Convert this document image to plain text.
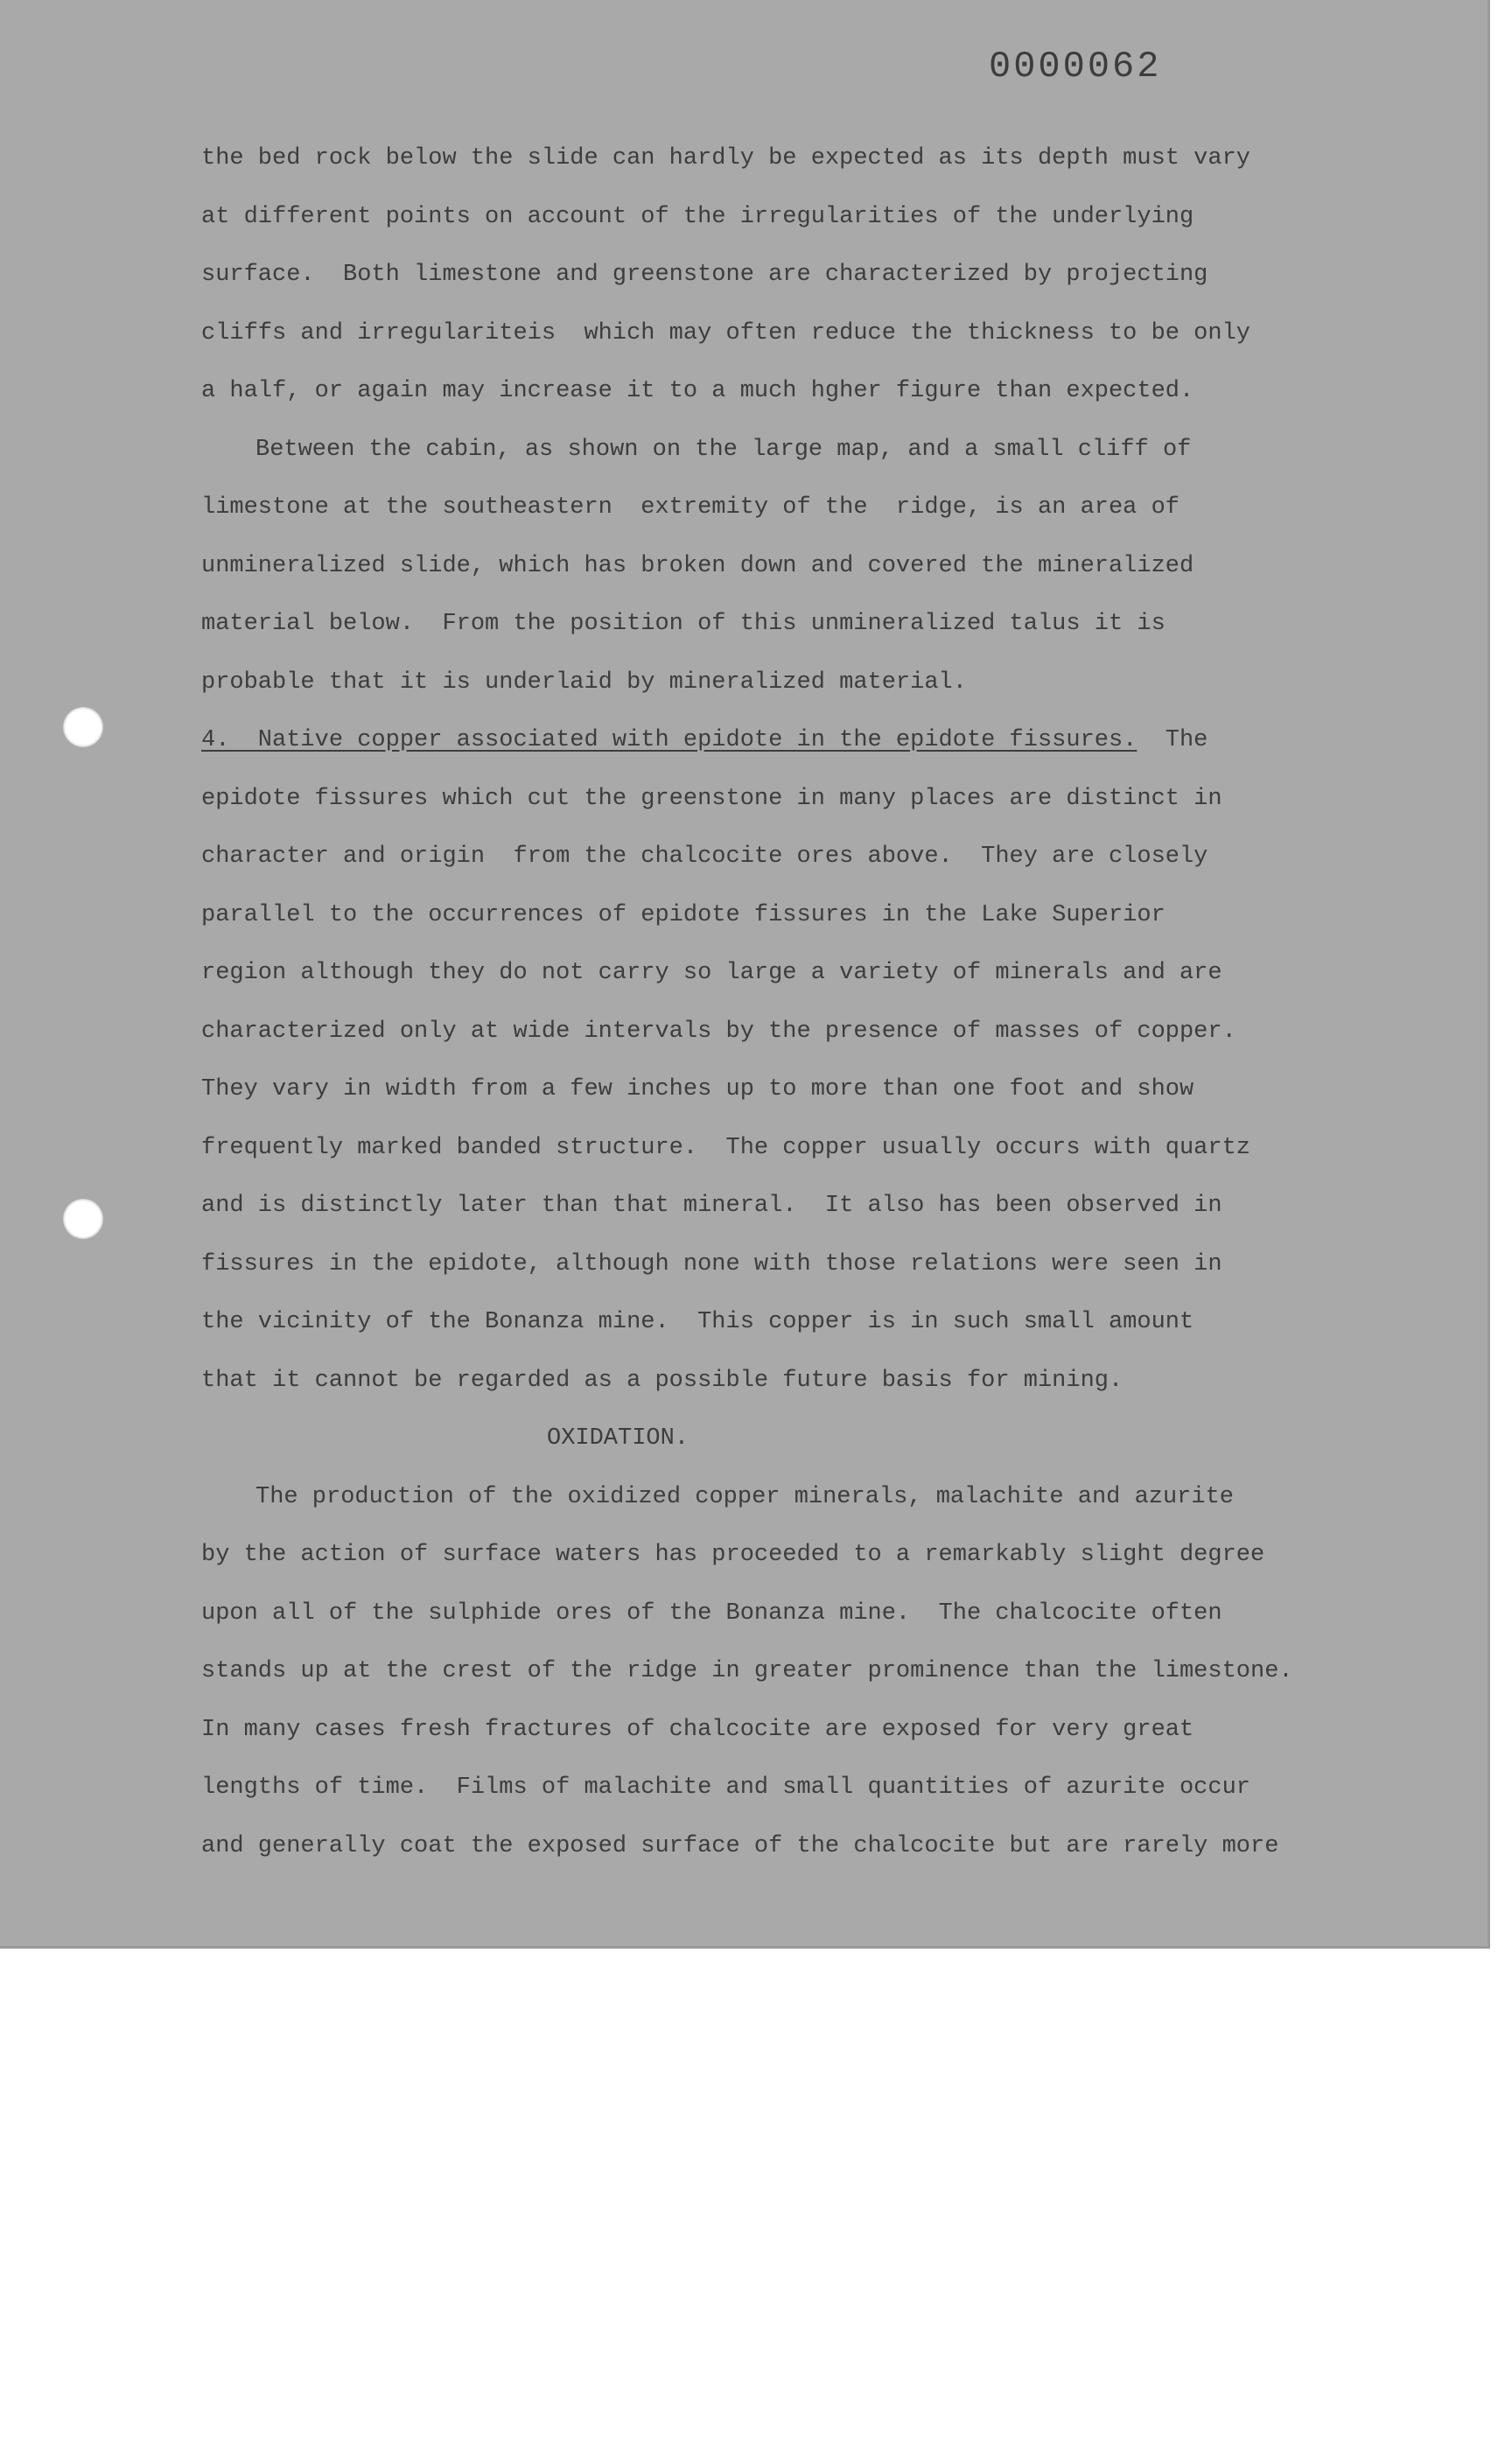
0000062
the bed rock below the slide can hardly be expected as its depth must vary
at different points on account of the irregularities of the underlying
surface.  Both limestone and greenstone are characterized by projecting
cliffs and irregulariteis  which may often reduce the thickness to be only
a half, or again may increase it to a much hgher figure than expected.
Between the cabin, as shown on the large map, and a small cliff of
limestone at the southeastern  extremity of the  ridge, is an area of
unmineralized slide, which has broken down and covered the mineralized
material below.  From the position of this unmineralized talus it is
probable that it is underlaid by mineralized material.
4.  Native copper associated with epidote in the epidote fissures.  The
epidote fissures which cut the greenstone in many places are distinct in
character and origin  from the chalcocite ores above.  They are closely
parallel to the occurrences of epidote fissures in the Lake Superior
region although they do not carry so large a variety of minerals and are
characterized only at wide intervals by the presence of masses of copper.
They vary in width from a few inches up to more than one foot and show
frequently marked banded structure.  The copper usually occurs with quartz
and is distinctly later than that mineral.  It also has been observed in
fissures in the epidote, although none with those relations were seen in
the vicinity of the Bonanza mine.  This copper is in such small amount
that it cannot be regarded as a possible future basis for mining.
OXIDATION.
The production of the oxidized copper minerals, malachite and azurite
by the action of surface waters has proceeded to a remarkably slight degree
upon all of the sulphide ores of the Bonanza mine.  The chalcocite often
stands up at the crest of the ridge in greater prominence than the limestone.
In many cases fresh fractures of chalcocite are exposed for very great
lengths of time.  Films of malachite and small quantities of azurite occur
and generally coat the exposed surface of the chalcocite but are rarely more
